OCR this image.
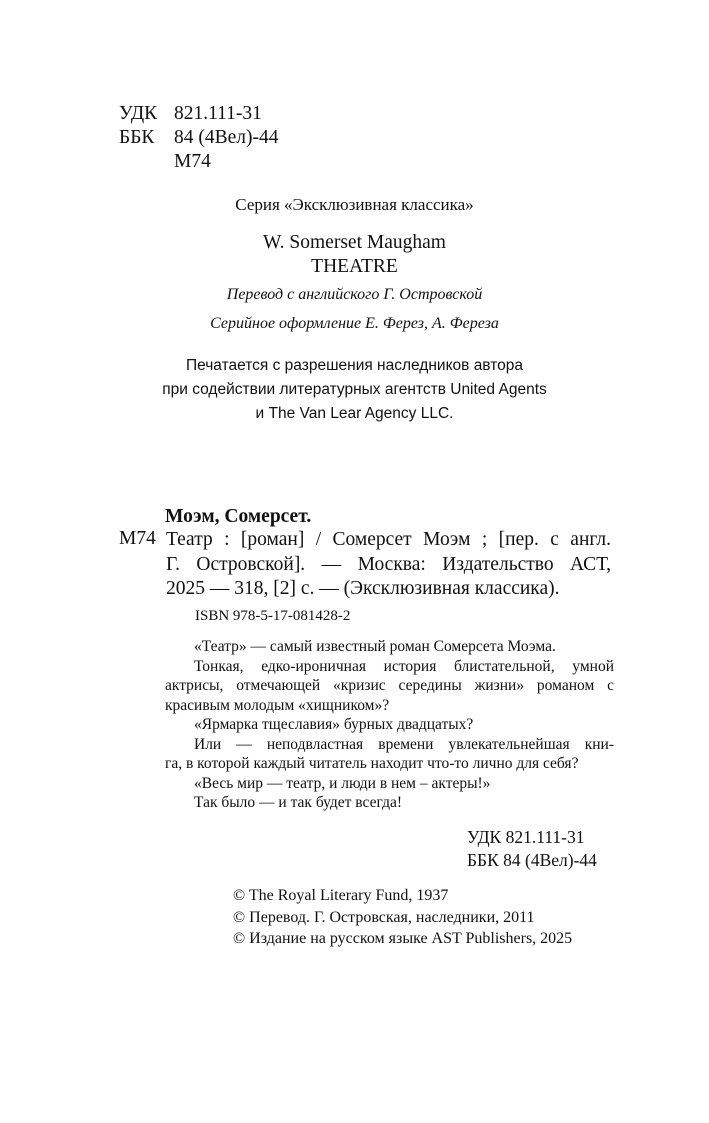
УДК 821.111-31
ББК	84 (4Вел)-44
М74
Серия «Эксклюзивная классика»
W. Somerset Maugham
THEATRE
Перевод с английского Г. Островской
Серийное оформление Е. Ферез, А. Фереза
Печатается с разрешения наследников автора
при содействии литературных агентств United Agents
и The Van Lear Agency LLC.
Моэм, Сомерсет.
М74 Театр : [роман] / Сомерсет Моэм ; [пер. с англ.
Г. Островской]. — Москва: Издательство АСТ,
2025 — 318, [2] с. — (Эксклюзивная классика).
ISBN 978-5-17-081428-2

«Театр» — самый известный роман Сомерсета Моэма.

Тонкая, едко-ироничная история блистательной, умной актрисы, отмечающей «кризис середины жизни» романом с красивым молодым «хищником»?

«Ярмарка тщеславия» бурных двадцатых?

Или — неподвластная времени увлекательнейшая кни-

га, в которой каждый читатель находит что-то лично для себя?

«Весь мир — театр, и люди в нем – актеры!»

Так было — и так будет всегда!

УДК 821.111-31
ББК 84 (4Вел)-44
© The Royal Literary Fund, 1937
© Перевод. Г. Островская, наследники, 2011
© Издание на русском языке AST Publishers, 2025
